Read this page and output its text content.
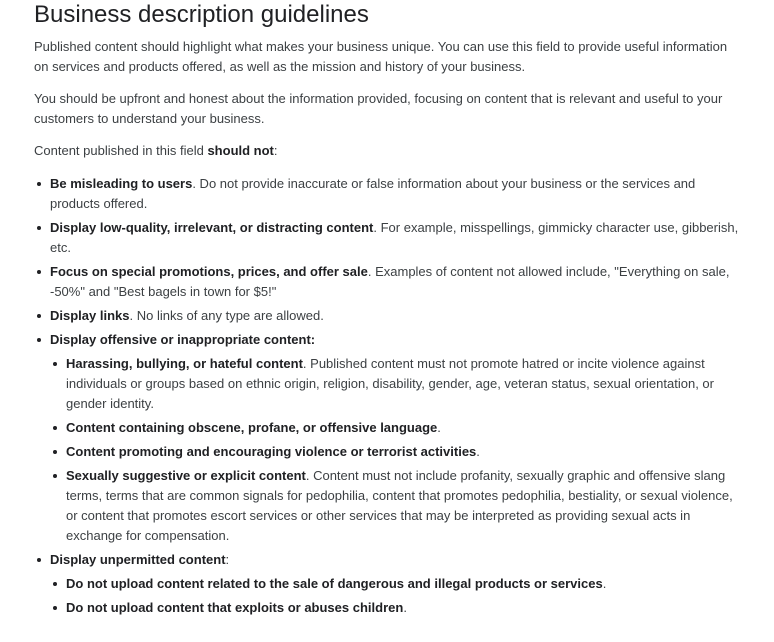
Business description guidelines

Published content should highlight what makes your business unique. You can use this field to provide useful information on services and products offered, as well as the mission and history of your business.

You should be upfront and honest about the information provided, focusing on content that is relevant and useful to your customers to understand your business.

Content published in this field should not:

Be misleading to users. Do not provide inaccurate or false information about your business or the services and products offered.
Display low-quality, irrelevant, or distracting content. For example, misspellings, gimmicky character use, gibberish, etc.
Focus on special promotions, prices, and offer sale. Examples of content not allowed include, "Everything on sale, -50%" and "Best bagels in town for $5!"
Display links. No links of any type are allowed.
Display offensive or inappropriate content:
Harassing, bullying, or hateful content. Published content must not promote hatred or incite violence against individuals or groups based on ethnic origin, religion, disability, gender, age, veteran status, sexual orientation, or gender identity.
Content containing obscene, profane, or offensive language.
Content promoting and encouraging violence or terrorist activities.
Sexually suggestive or explicit content. Content must not include profanity, sexually graphic and offensive slang terms, terms that are common signals for pedophilia, content that promotes pedophilia, bestiality, or sexual violence, or content that promotes escort services or other services that may be interpreted as providing sexual acts in exchange for compensation.
Display unpermitted content:
Do not upload content related to the sale of dangerous and illegal products or services.
Do not upload content that exploits or abuses children.
